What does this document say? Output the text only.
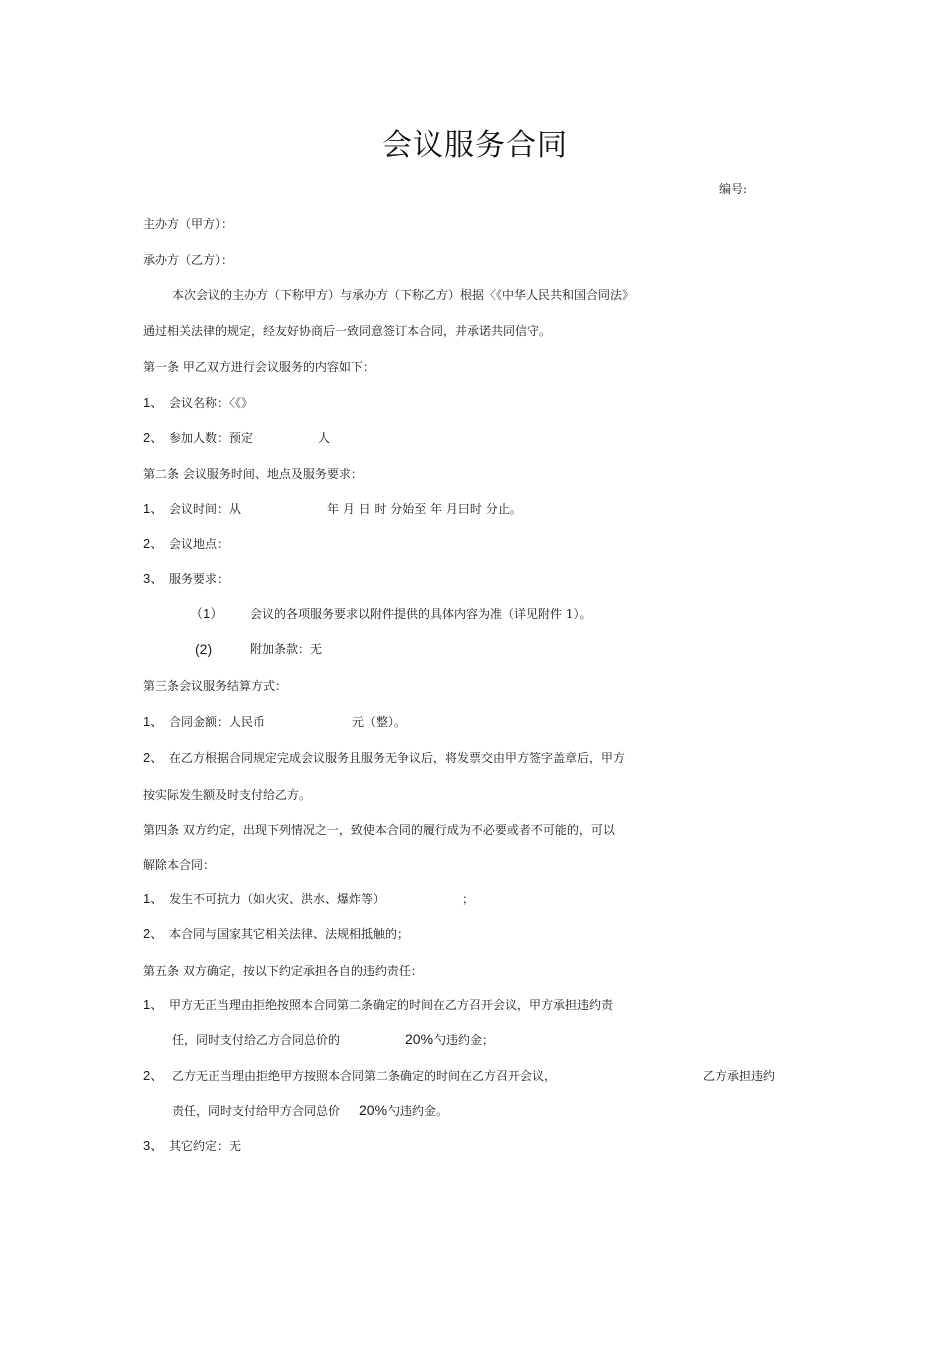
会议服务合同
编号:
主办方（甲方）：
承办方（乙方）：
本次会议的主办方（下称甲方）与承办方（下称乙方）根据〈《中华人民共和国合同法》
通过相关法律的规定，经友好协商后一致同意签订本合同，并承诺共同信守。
第一条 甲乙双方进行会议服务的内容如下：
1、 会议名称：〈《》
2、 参加人数：预定	人
第二条 会议服务时间、地点及服务要求：
1、 会议时间：从	年 月 日 时 分始至 年 月曰时 分止。
2、 会议地点：
3、 服务要求：
（1） 会议的各项服务要求以附件提供的具体内容为准（详见附件 1）。
(2)	附加条款：无
第三条会议服务结算方式：
1、 合同金额：人民币	元（整）。
2、 在乙方根据合同规定完成会议服务且服务无争议后，将发票交由甲方签字盖章后，甲方
按实际发生额及时支付给乙方。
第四条 双方约定，出现下列情况之一，致使本合同的履行成为不必要或者不可能的，可以
解除本合同：
1、 发生不可抗力（如火灾、洪水、爆炸等）	；
2、 本合同与国家其它相关法律、法规相抵触的；
第五条 双方确定，按以下约定承担各自的违约责任：
1、 甲方无正当理由拒绝按照本合同第二条确定的时间在乙方召开会议，甲方承担违约责
任，同时支付给乙方合同总价的	20% 勺违约金；
2、 乙方无正当理由拒绝甲方按照本合同第二条确定的时间在乙方召开会议，	乙方承担违约
责任，同时支付给甲方合同总价 20% 勺违约金。
3、 其它约定：无
